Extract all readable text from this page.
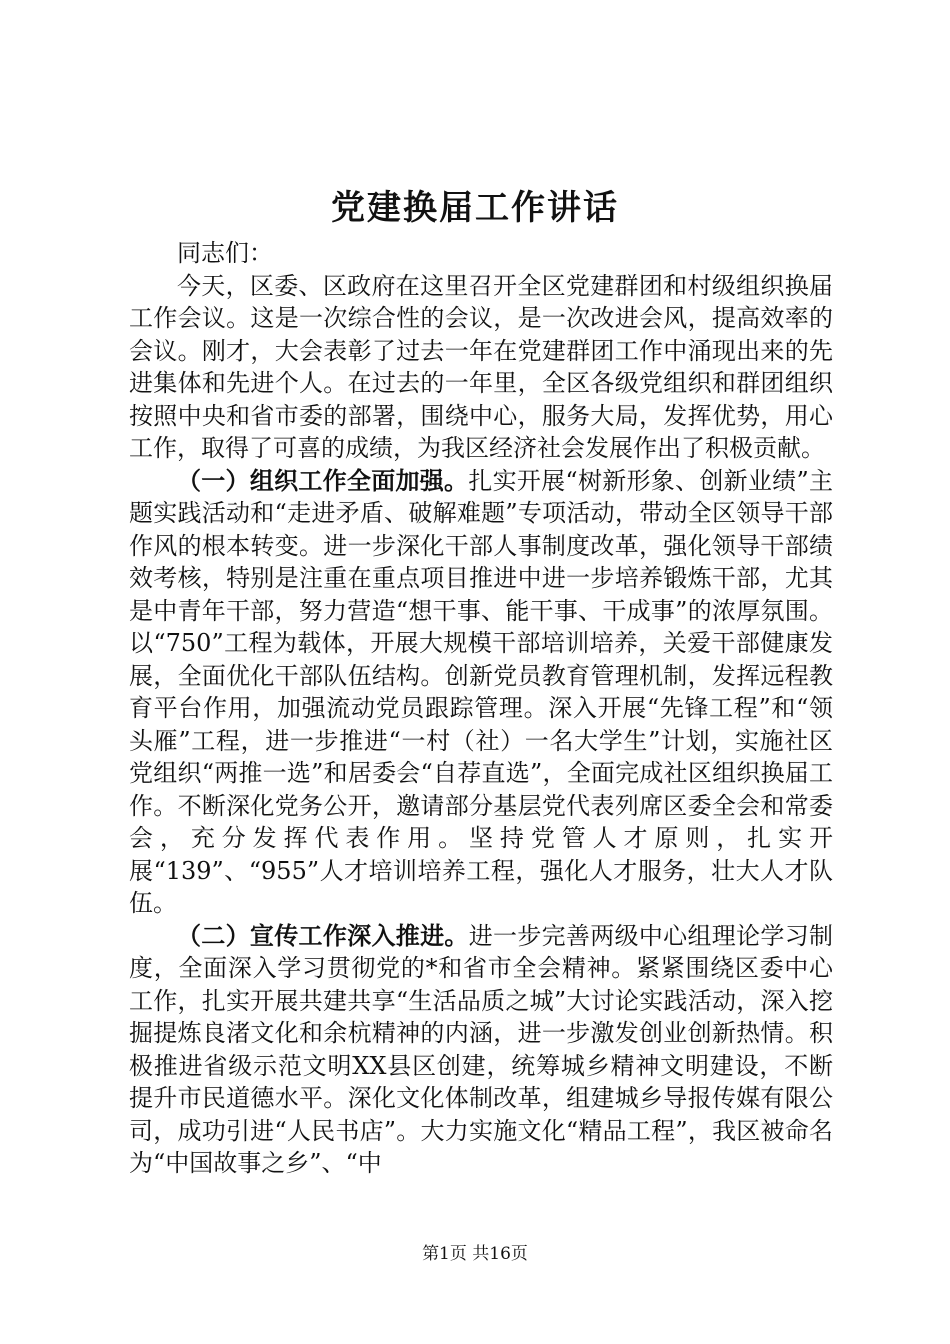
党建换届工作讲话

同志们：

今天，区委、区政府在这里召开全区党建群团和村级组织换届工作会议。这是一次综合性的会议，是一次改进会风，提高效率的会议。刚才，大会表彰了过去一年在党建群团工作中涌现出来的先进集体和先进个人。在过去的一年里，全区各级党组织和群团组织按照中央和省市委的部署，围绕中心，服务大局，发挥优势，用心工作，取得了可喜的成绩，为我区经济社会发展作出了积极贡献。

（一）组织工作全面加强。扎实开展“树新形象、创新业绩”主题实践活动和“走进矛盾、破解难题”专项活动，带动全区领导干部作风的根本转变。进一步深化干部人事制度改革，强化领导干部绩效考核，特别是注重在重点项目推进中进一步培养锻炼干部，尤其是中青年干部，努力营造“想干事、能干事、干成事”的浓厚氛围。以“750”工程为载体，开展大规模干部培训培养，关爱干部健康发展，全面优化干部队伍结构。创新党员教育管理机制，发挥远程教育平台作用，加强流动党员跟踪管理。深入开展“先锋工程”和“领头雁”工程，进一步推进“一村（社）一名大学生”计划，实施社区党组织“两推一选”和居委会“自荐直选”，全面完成社区组织换届工作。不断深化党务公开，邀请部分基层党代表列席区委全会和常委会，充分发挥代表作用。坚持党管人才原则，扎实开展“139”、“955”人才培训培养工程，强化人才服务，壮大人才队伍。

（二）宣传工作深入推进。进一步完善两级中心组理论学习制度，全面深入学习贯彻党的*和省市全会精神。紧紧围绕区委中心工作，扎实开展共建共享“生活品质之城”大讨论实践活动，深入挖掘提炼良渚文化和余杭精神的内涵，进一步激发创业创新热情。积极推进省级示范文明XX县区创建，统筹城乡精神文明建设，不断提升市民道德水平。深化文化体制改革，组建城乡导报传媒有限公司，成功引进“人民书店”。大力实施文化“精品工程”，我区被命名为“中国故事之乡”、“中

第1页 共16页
